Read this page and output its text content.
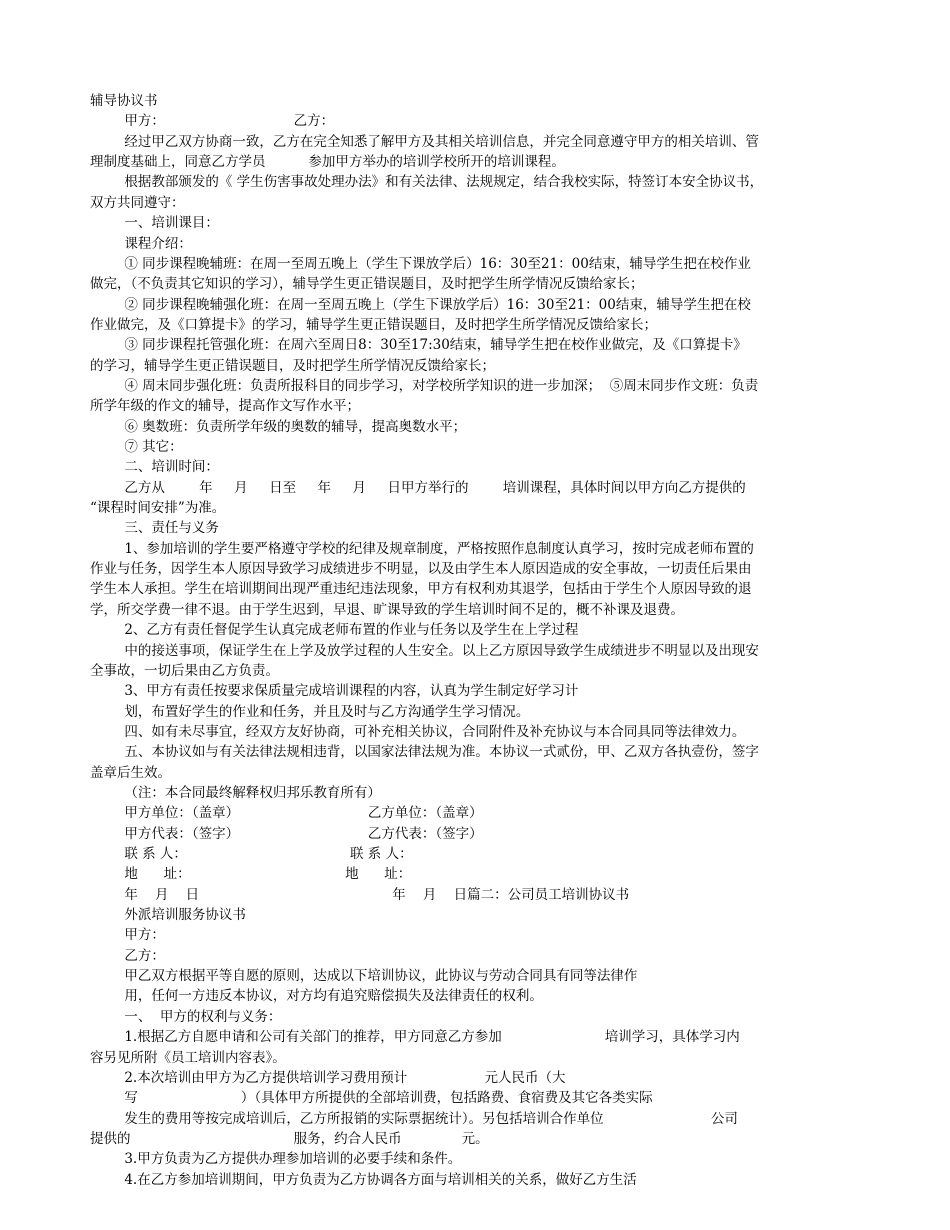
辅导协议书
甲方：                              乙方：
经过甲乙双方协商一致，乙方在完全知悉了解甲方及其相关培训信息，并完全同意遵守甲方的相关培训、管
理制度基础上，同意乙方学员          参加甲方举办的培训学校所开的培训课程。
根据教部颁发的《 学生伤害事故处理办法》和有关法律、法规规定，结合我校实际，特签订本安全协议书，
双方共同遵守：
一、培训课目：
课程介绍：
① 同步课程晚辅班：在周一至周五晚上（学生下课放学后）16：30至21：00结束，辅导学生把在校作业
做完，（不负责其它知识的学习），辅导学生更正错误题目，及时把学生所学情况反馈给家长；
② 同步课程晚辅强化班：在周一至周五晚上（学生下课放学后）16：30至21：00结束，辅导学生把在校
作业做完，及《口算提卡》的学习，辅导学生更正错误题目，及时把学生所学情况反馈给家长；
③ 同步课程托管强化班：在周六至周日8：30至17:30结束，辅导学生把在校作业做完，及《口算提卡》
的学习，辅导学生更正错误题目，及时把学生所学情况反馈给家长；
④ 周末同步强化班：负责所报科目的同步学习，对学校所学知识的进一步加深；  ⑤周末同步作文班：负责
所学年级的作文的辅导，提高作文写作水平；
⑥ 奥数班：负责所学年级的奥数的辅导，提高奥数水平；
⑦ 其它：
二、培训时间：
乙方从        年     月     日至     年     月     日甲方举行的        培训课程，具体时间以甲方向乙方提供的
“课程时间安排”为准。
三、责任与义务
1、参加培训的学生要严格遵守学校的纪律及规章制度，严格按照作息制度认真学习，按时完成老师布置的
作业与任务，因学生本人原因导致学习成绩进步不明显，以及由学生本人原因造成的安全事故，一切责任后果由
学生本人承担。学生在培训期间出现严重违纪违法现象，甲方有权利劝其退学，包括由于学生个人原因导致的退
学，所交学费一律不退。由于学生迟到，早退、旷课导致的学生培训时间不足的，概不补课及退费。
2、乙方有责任督促学生认真完成老师布置的作业与任务以及学生在上学过程
中的接送事项，保证学生在上学及放学过程的人生安全。以上乙方原因导致学生成绩进步不明显以及出现安
全事故，一切后果由乙方负责。
3、甲方有责任按要求保质量完成培训课程的内容，认真为学生制定好学习计
划，布置好学生的作业和任务，并且及时与乙方沟通学生学习情况。
四、如有未尽事宜，经双方友好协商，可补充相关协议，合同附件及补充协议与本合同具同等法律效力。
五、本协议如与有关法律法规相违背，以国家法律法规为准。本协议一式贰份，甲、乙双方各执壹份，签字
盖章后生效。
（注：本合同最终解释权归邦乐教育所有）
甲方单位：（盖章）                              乙方单位：（盖章）
甲方代表：（签字）                              乙方代表：（签字）
联 系 人：                                      联 系 人：
地      址：                                    地      址：
年    月    日                                             年    月    日篇二：公司员工培训协议书
外派培训服务协议书
甲方：
乙方：
甲乙双方根据平等自愿的原则，达成以下培训协议，此协议与劳动合同具有同等法律作
用，任何一方违反本协议，对方均有追究赔偿损失及法律责任的权利。
一、  甲方的权利与义务：
1.根据乙方自愿申请和公司有关部门的推荐，甲方同意乙方参加                        培训学习，具体学习内
容另见所附《员工培训内容表》。
2.本次培训由甲方为乙方提供培训学习费用预计                  元人民币（大
写                        ）（具体甲方所提供的全部培训费，包括路费、食宿费及其它各类实际
发生的费用等按完成培训后，乙方所报销的实际票据统计）。另包括培训合作单位                         公司
提供的                                      服务，约合人民币              元。
3.甲方负责为乙方提供办理参加培训的必要手续和条件。
4.在乙方参加培训期间，甲方负责为乙方协调各方面与培训相关的关系，做好乙方生活
